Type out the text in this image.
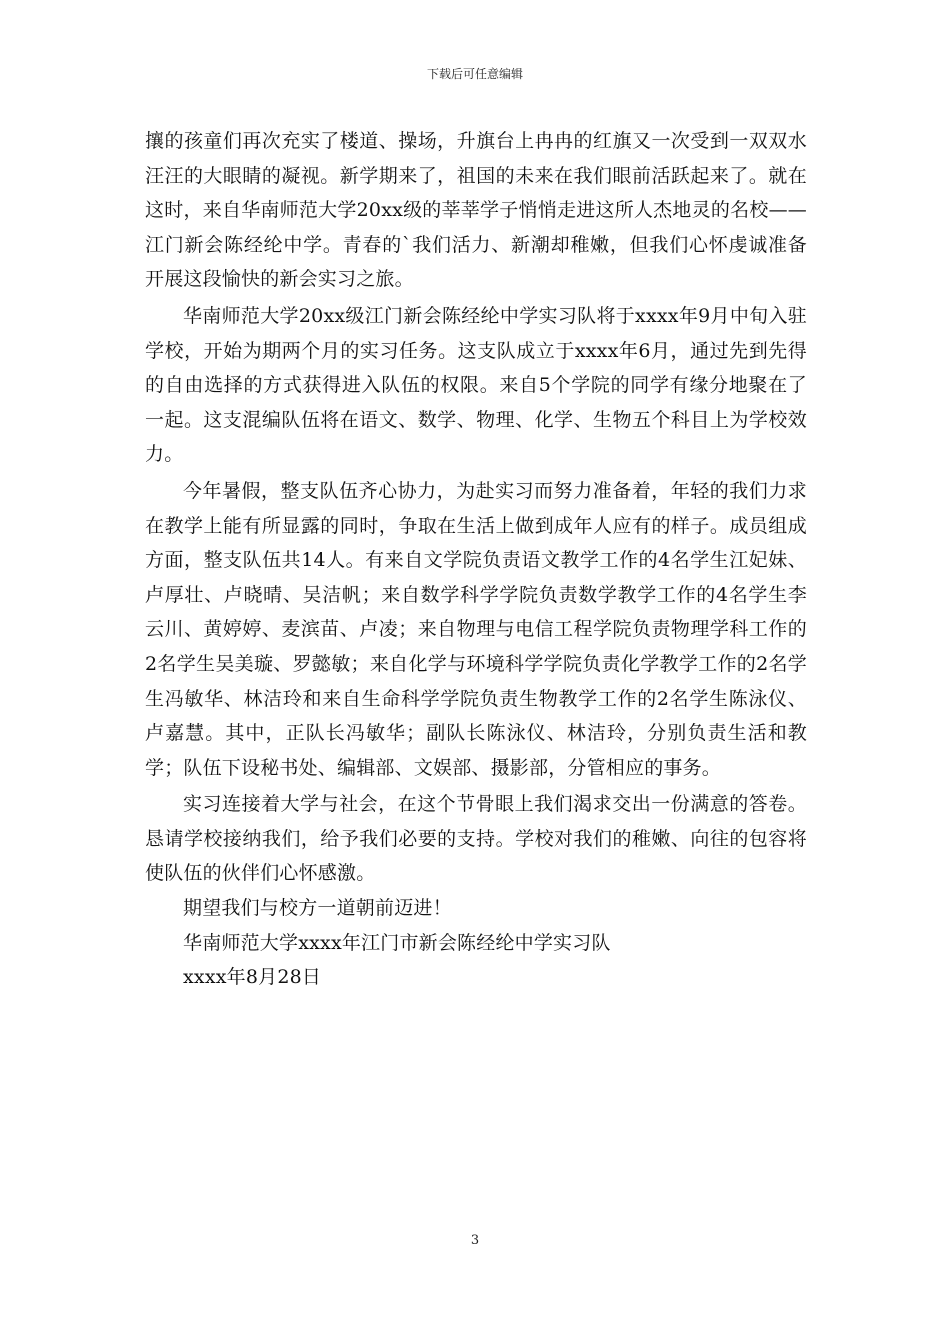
下载后可任意编辑

攘的孩童们再次充实了楼道、操场，升旗台上冉冉的红旗又一次受到一双双水汪汪的大眼睛的凝视。新学期来了，祖国的未来在我们眼前活跃起来了。就在这时，来自华南师范大学20xx级的莘莘学子悄悄走进这所人杰地灵的名校——江门新会陈经纶中学。青春的`我们活力、新潮却稚嫩，但我们心怀虔诚准备开展这段愉快的新会实习之旅。

华南师范大学20xx级江门新会陈经纶中学实习队将于xxxx年9月中旬入驻学校，开始为期两个月的实习任务。这支队成立于xxxx年6月，通过先到先得的自由选择的方式获得进入队伍的权限。来自5个学院的同学有缘分地聚在了一起。这支混编队伍将在语文、数学、物理、化学、生物五个科目上为学校效力。

今年暑假，整支队伍齐心协力，为赴实习而努力准备着，年轻的我们力求在教学上能有所显露的同时，争取在生活上做到成年人应有的样子。成员组成方面，整支队伍共14人。有来自文学院负责语文教学工作的4名学生江妃妹、卢厚壮、卢晓晴、吴洁帆；来自数学科学学院负责数学教学工作的4名学生李云川、黄婷婷、麦滨苗、卢凌；来自物理与电信工程学院负责物理学科工作的2名学生吴美璇、罗懿敏；来自化学与环境科学学院负责化学教学工作的2名学生冯敏华、林洁玲和来自生命科学学院负责生物教学工作的2名学生陈泳仪、卢嘉慧。其中，正队长冯敏华；副队长陈泳仪、林洁玲，分别负责生活和教学；队伍下设秘书处、编辑部、文娱部、摄影部，分管相应的事务。

实习连接着大学与社会，在这个节骨眼上我们渴求交出一份满意的答卷。恳请学校接纳我们，给予我们必要的支持。学校对我们的稚嫩、向往的包容将使队伍的伙伴们心怀感激。

期望我们与校方一道朝前迈进！

华南师范大学xxxx年江门市新会陈经纶中学实习队

xxxx年8月28日

3
